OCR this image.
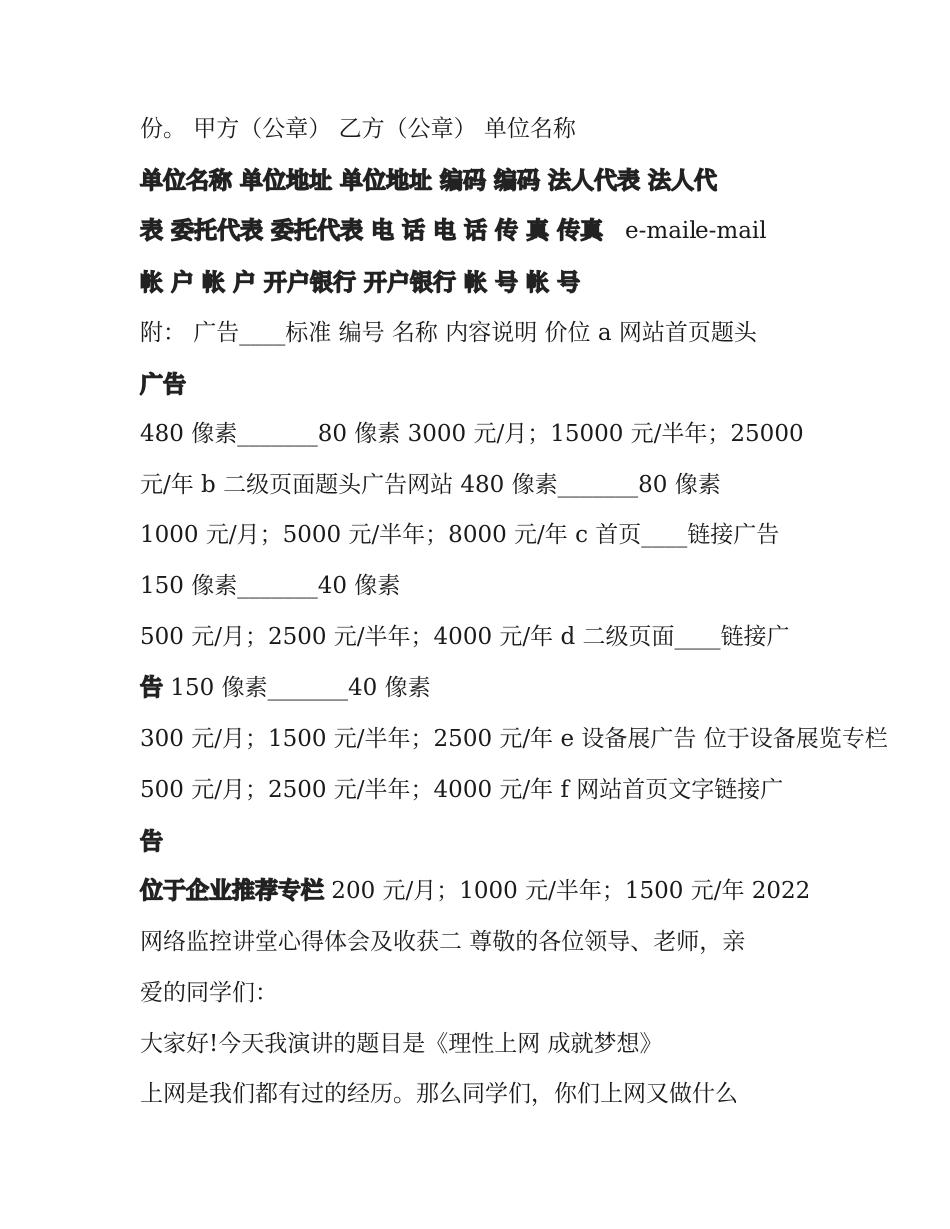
份。 甲方（公章） 乙方（公章） 单位名称

单位名称 单位地址 单位地址 编码 编码 法人代表 法人代

表 委托代表 委托代表 电 话 电 话 传 真 传真 e-mail
e-mail

帐 户 帐 户 开户银行 开户银行 帐 号 帐 号

附： 广告____标准 编号 名称 内容说明 价位 a 网站首页题头

广告

480 像素_______80 像素 3000 元/月；15000 元/半年；25000

元/年 b 二级页面题头广告网站 480 像素_______80 像素

1000 元/月；5000 元/半年；8000 元/年 c 首页____链接广告

150 像素_______40 像素

500 元/月；2500 元/半年；4000 元/年 d 二级页面____链接广

告 150 像素_______40 像素

300 元/月；1500 元/半年；2500 元/年 e 设备展广告 位于设备展览专栏

500 元/月；2500 元/半年；4000 元/年 f 网站首页文字链接广

告

位于企业推荐专栏 200 元/月；1000 元/半年；1500 元/年 2022

网络监控讲堂心得体会及收获二 尊敬的各位领导、老师，亲

爱的同学们：

大家好!今天我演讲的题目是《理性上网 成就梦想》

上网是我们都有过的经历。那么同学们，你们上网又做什么
